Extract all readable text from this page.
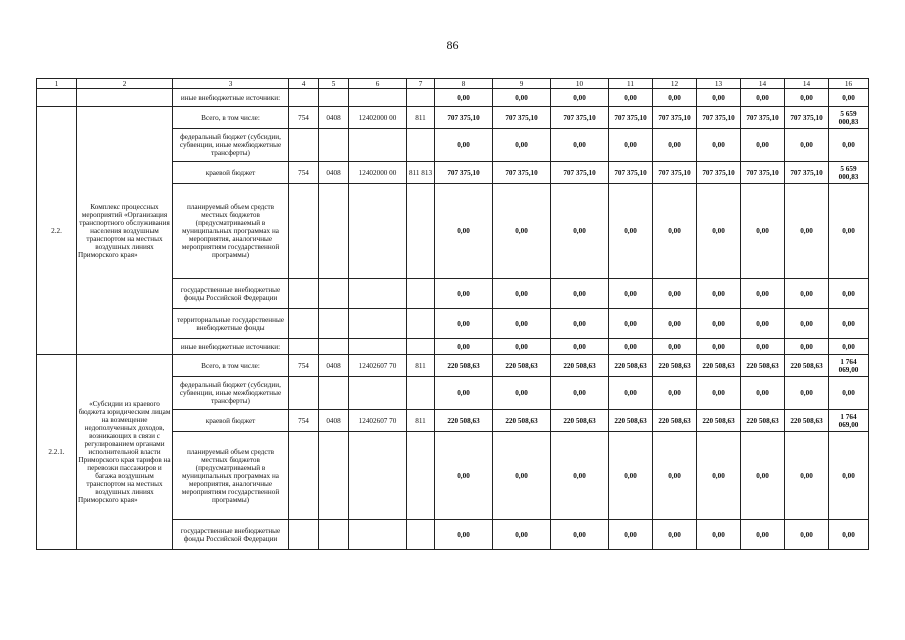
86
1	2	3	4	5	6	7	8	9	10	11	12	13	14	14	16
		иные внебюджетные источники:					0,00	0,00	0,00	0,00	0,00	0,00	0,00	0,00	0,00
2.2.	Комплекс процессных мероприятий «Организация транспортного обслуживания населения воздушным транспортом на местных воздушных линиях Приморского края»	Всего, в том числе:	754	0408	12402000 00	811	707 375,10	707 375,10	707 375,10	707 375,10	707 375,10	707 375,10	707 375,10	707 375,10	5 659 000,83
		федеральный бюджет (субсидии, субвенции, иные межбюджетные трансферты)					0,00	0,00	0,00	0,00	0,00	0,00	0,00	0,00	0,00
		краевой бюджет	754	0408	12402000 00	811 813	707 375,10	707 375,10	707 375,10	707 375,10	707 375,10	707 375,10	707 375,10	707 375,10	5 659 000,83
		планируемый объем средств местных бюджетов (предусматриваемый в муниципальных программах на мероприятия, аналогичные мероприятиям государственной программы)					0,00	0,00	0,00	0,00	0,00	0,00	0,00	0,00	0,00
		государственные внебюджетные фонды Российской Федерации					0,00	0,00	0,00	0,00	0,00	0,00	0,00	0,00	0,00
		территориальные государственные внебюджетные фонды					0,00	0,00	0,00	0,00	0,00	0,00	0,00	0,00	0,00
		иные внебюджетные источники:					0,00	0,00	0,00	0,00	0,00	0,00	0,00	0,00	0,00
2.2.1.	«Субсидии из краевого бюджета юридическим лицам на возмещение недополученных доходов, возникающих в связи с регулированием органами исполнительной власти Приморского края тарифов на перевозки пассажиров и багажа воздушным транспортом на местных воздушных линиях Приморского края»	Всего, в том числе:	754	0408	12402607 70	811	220 508,63	220 508,63	220 508,63	220 508,63	220 508,63	220 508,63	220 508,63	220 508,63	1 764 069,00
		федеральный бюджет (субсидии, субвенции, иные межбюджетные трансферты)					0,00	0,00	0,00	0,00	0,00	0,00	0,00	0,00	0,00
		краевой бюджет	754	0408	12402607 70	811	220 508,63	220 508,63	220 508,63	220 508,63	220 508,63	220 508,63	220 508,63	220 508,63	1 764 069,00
		планируемый объем средств местных бюджетов (предусматриваемый в муниципальных программах на мероприятия, аналогичные мероприятиям государственной программы)					0,00	0,00	0,00	0,00	0,00	0,00	0,00	0,00	0,00
		государственные внебюджетные фонды Российской Федерации					0,00	0,00	0,00	0,00	0,00	0,00	0,00	0,00	0,00
